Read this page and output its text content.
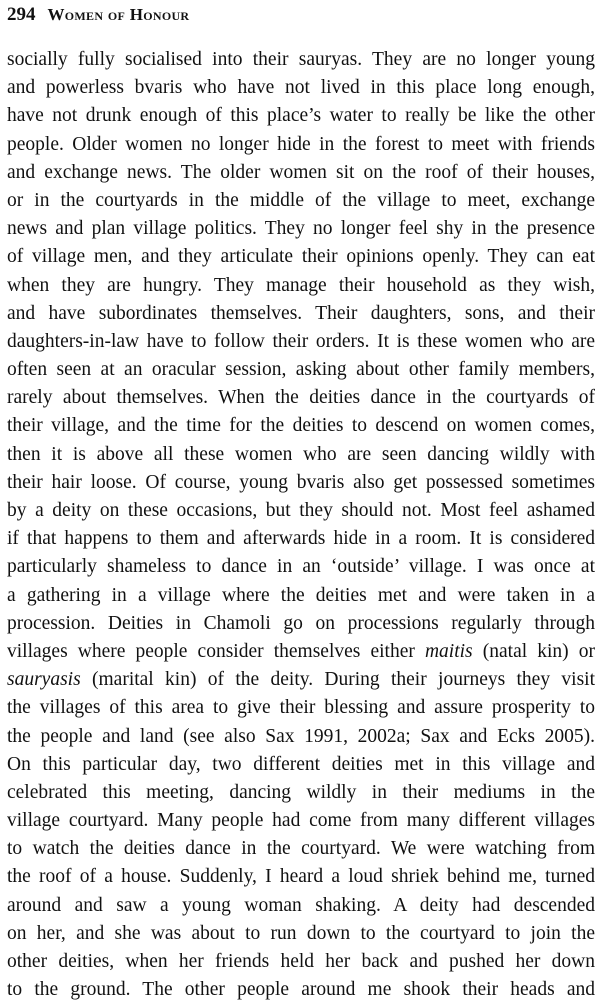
294 Women of Honour
socially fully socialised into their sauryas. They are no longer young
and powerless bvaris who have not lived in this place long enough,
have not drunk enough of this place’s water to really be like the other
people. Older women no longer hide in the forest to meet with friends
and exchange news. The older women sit on the roof of their houses,
or in the courtyards in the middle of the village to meet, exchange
news and plan village politics. They no longer feel shy in the presence
of village men, and they articulate their opinions openly. They can eat
when they are hungry. They manage their household as they wish,
and have subordinates themselves. Their daughters, sons, and their
daughters-in-law have to follow their orders. It is these women who are
often seen at an oracular session, asking about other family members,
rarely about themselves. When the deities dance in the courtyards of
their village, and the time for the deities to descend on women comes,
then it is above all these women who are seen dancing wildly with
their hair loose. Of course, young bvaris also get possessed sometimes
by a deity on these occasions, but they should not. Most feel ashamed
if that happens to them and afterwards hide in a room. It is considered
particularly shameless to dance in an ‘outside’ village. I was once at
a gathering in a village where the deities met and were taken in a
procession. Deities in Chamoli go on processions regularly through
villages where people consider themselves either maitis (natal kin) or
sauryasis (marital kin) of the deity. During their journeys they visit
the villages of this area to give their blessing and assure prosperity to
the people and land (see also Sax 1991, 2002a; Sax and Ecks 2005).
On this particular day, two different deities met in this village and
celebrated this meeting, dancing wildly in their mediums in the
village courtyard. Many people had come from many different villages
to watch the deities dance in the courtyard. We were watching from
the roof of a house. Suddenly, I heard a loud shriek behind me, turned
around and saw a young woman shaking. A deity had descended
on her, and she was about to run down to the courtyard to join the
other deities, when her friends held her back and pushed her down
to the ground. The other people around me shook their heads and
